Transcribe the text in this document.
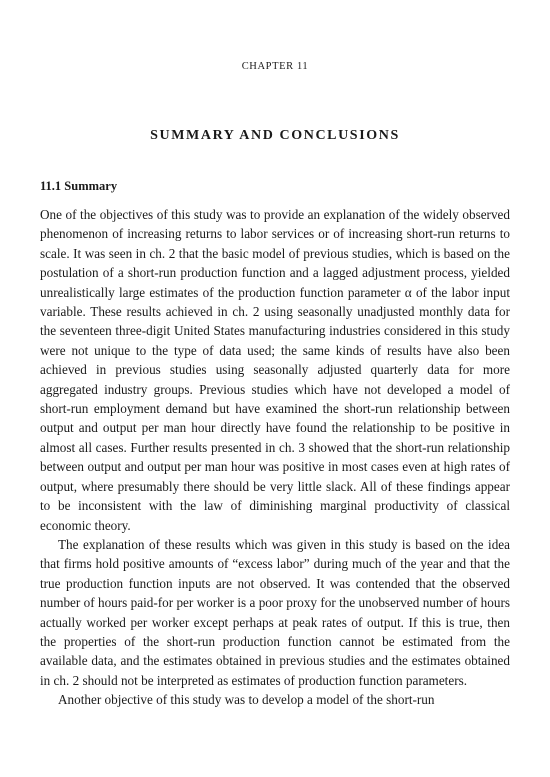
CHAPTER 11
SUMMARY AND CONCLUSIONS
11.1 Summary

One of the objectives of this study was to provide an explanation of the widely observed phenomenon of increasing returns to labor services or of increasing short-run returns to scale. It was seen in ch. 2 that the basic model of previous studies, which is based on the postulation of a short-run production function and a lagged adjustment process, yielded unrealistically large estimates of the production function parameter α of the labor input variable. These results achieved in ch. 2 using seasonally unadjusted monthly data for the seventeen three-digit United States manufacturing industries considered in this study were not unique to the type of data used; the same kinds of results have also been achieved in previous studies using seasonally adjusted quarterly data for more aggregated industry groups. Previous studies which have not developed a model of short-run employment demand but have examined the short-run relationship between output and output per man hour directly have found the relationship to be positive in almost all cases. Further results presented in ch. 3 showed that the short-run relationship between output and output per man hour was positive in most cases even at high rates of output, where presumably there should be very little slack. All of these findings appear to be inconsistent with the law of diminishing marginal productivity of classical economic theory.

The explanation of these results which was given in this study is based on the idea that firms hold positive amounts of “excess labor” during much of the year and that the true production function inputs are not observed. It was contended that the observed number of hours paid-for per worker is a poor proxy for the unobserved number of hours actually worked per worker except perhaps at peak rates of output. If this is true, then the properties of the short-run production function cannot be estimated from the available data, and the estimates obtained in previous studies and the estimates obtained in ch. 2 should not be interpreted as estimates of production function parameters.

Another objective of this study was to develop a model of the short-run
